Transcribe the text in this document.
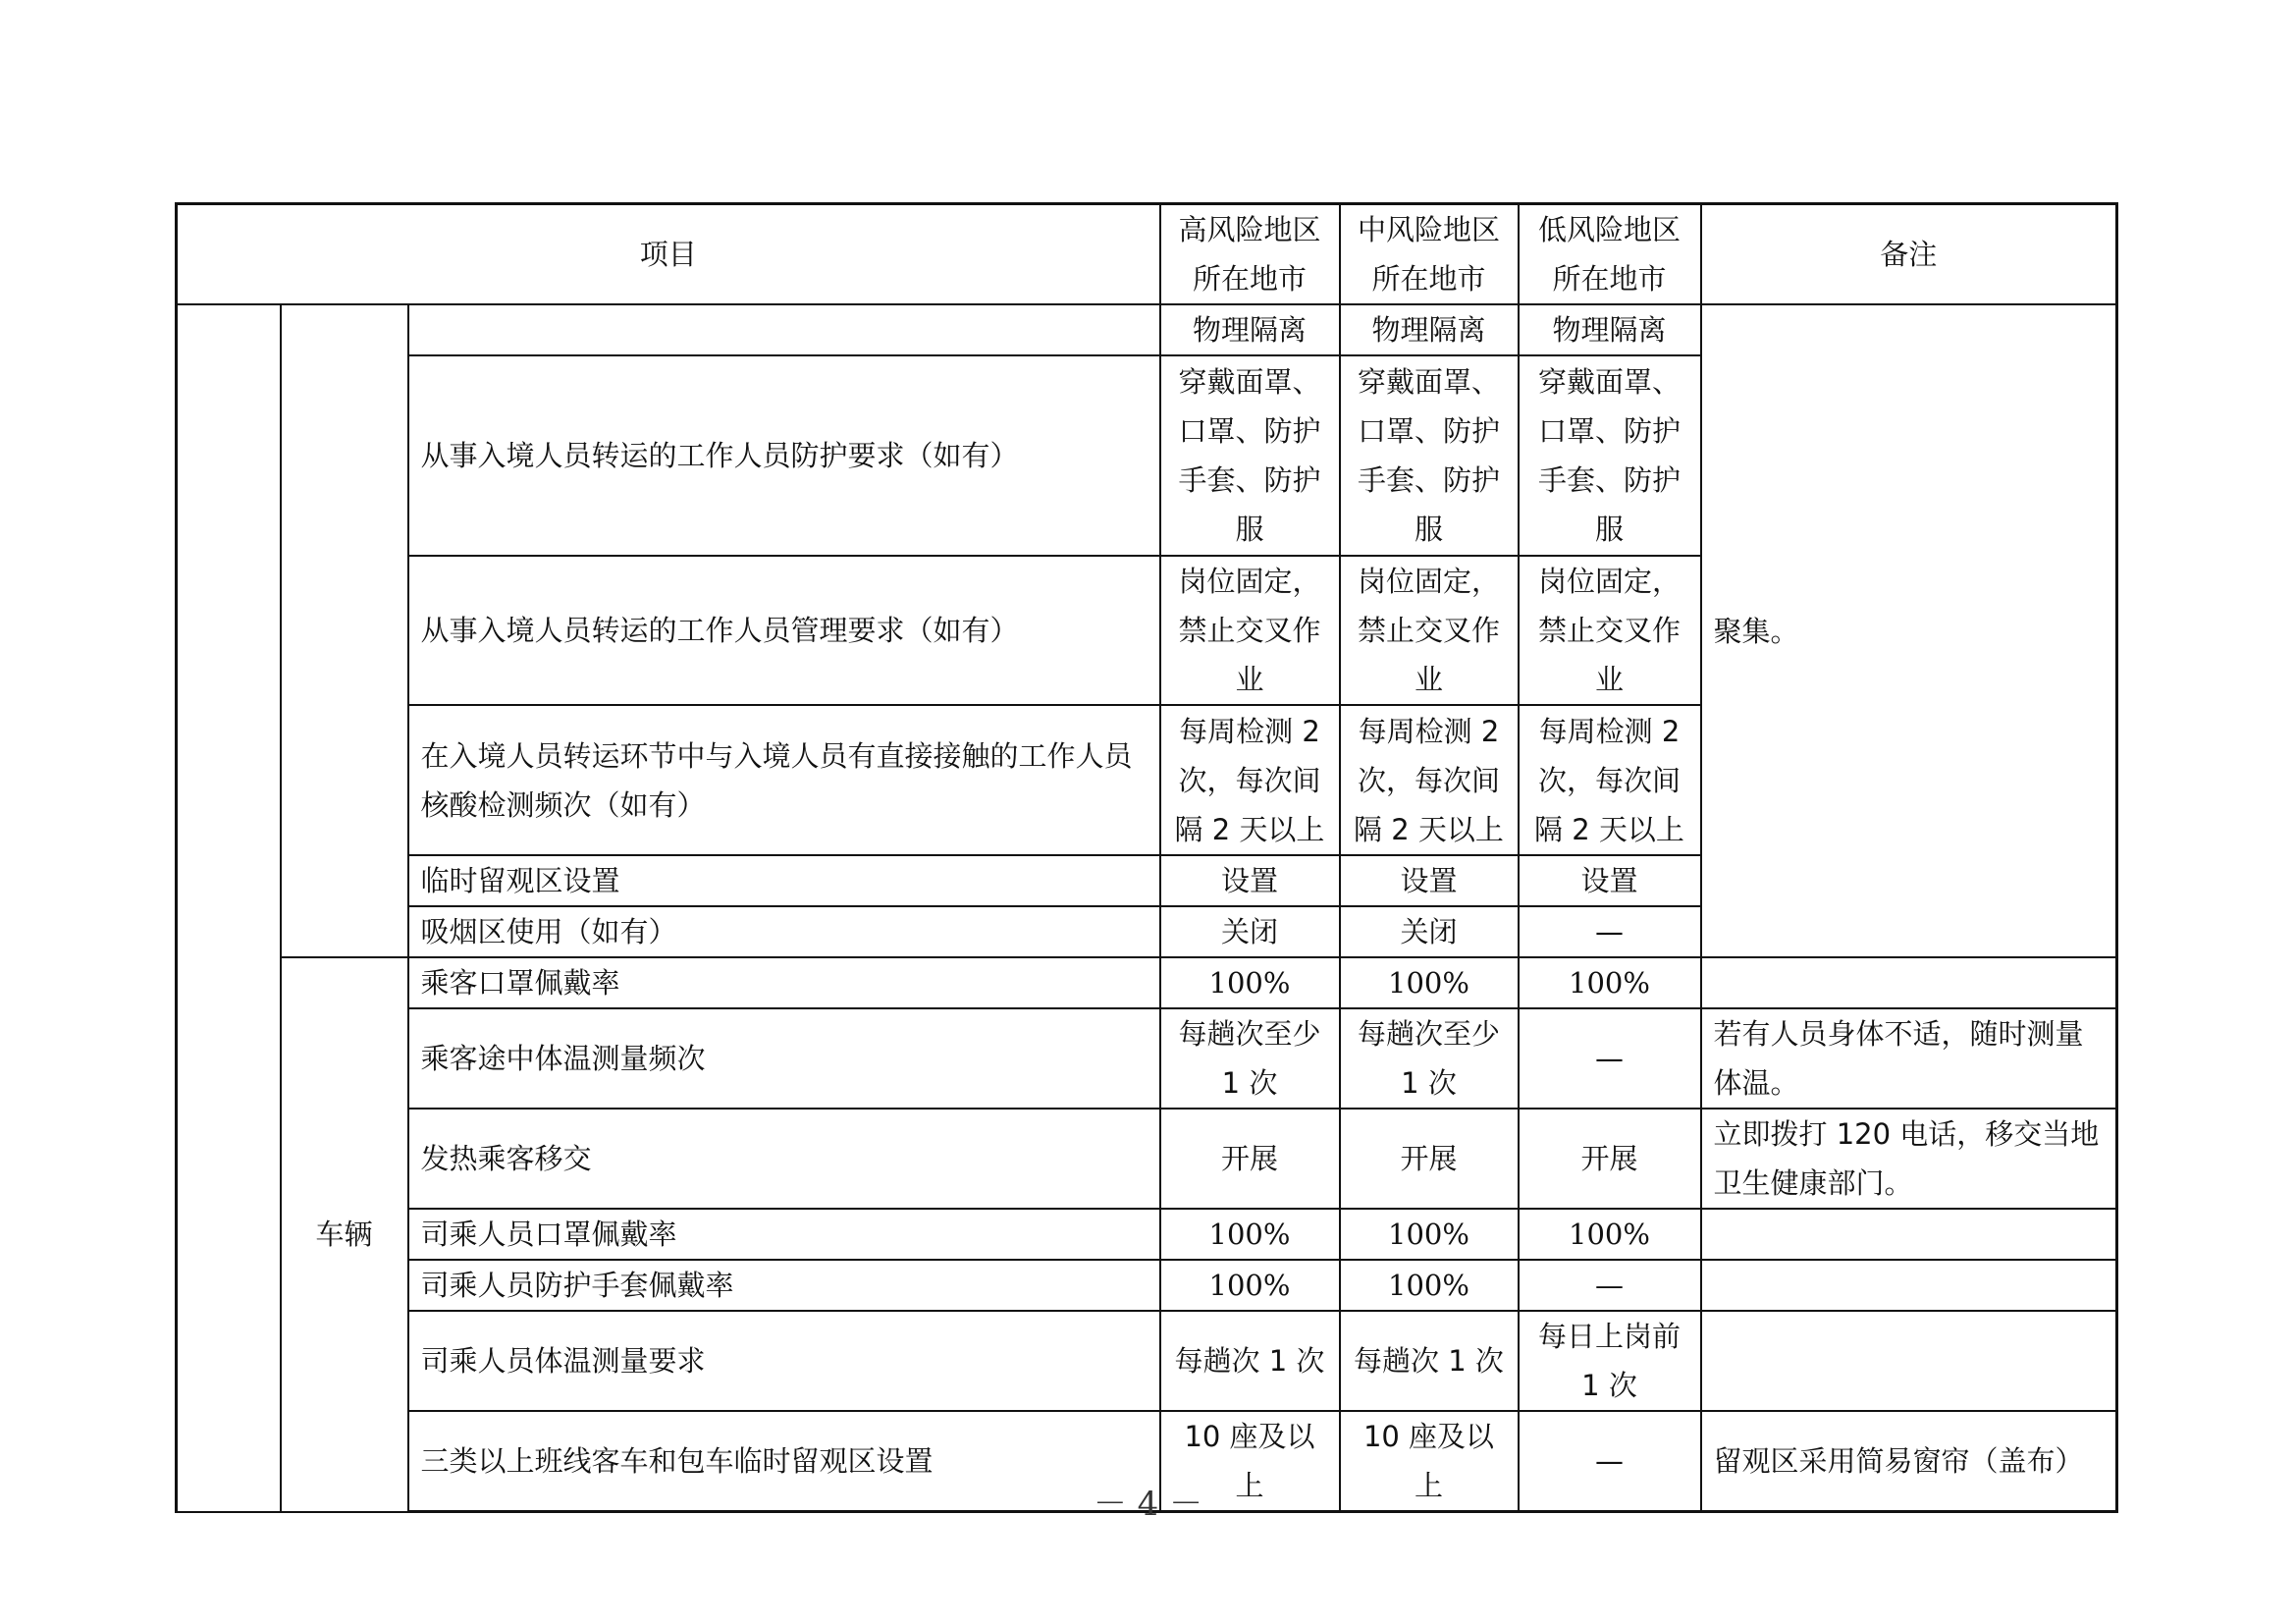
项目			高风险地区所在地市	中风险地区所在地市	低风险地区所在地市	备注
			物理隔离	物理隔离	物理隔离	聚集。
		从事入境人员转运的工作人员防护要求（如有）	穿戴面罩、口罩、防护手套、防护服	穿戴面罩、口罩、防护手套、防护服	穿戴面罩、口罩、防护手套、防护服	
		从事入境人员转运的工作人员管理要求（如有）	岗位固定，禁止交叉作业	岗位固定，禁止交叉作业	岗位固定，禁止交叉作业	
		在入境人员转运环节中与入境人员有直接接触的工作人员核酸检测频次（如有）	每周检测 2 次，每次间隔 2 天以上	每周检测 2 次，每次间隔 2 天以上	每周检测 2 次，每次间隔 2 天以上	
		临时留观区设置	设置	设置	设置	
		吸烟区使用（如有）	关闭	关闭	—	
	车辆	乘客口罩佩戴率	100%	100%	100%	
		乘客途中体温测量频次	每趟次至少 1 次	每趟次至少 1 次	—	若有人员身体不适，随时测量体温。
		发热乘客移交	开展	开展	开展	立即拨打 120 电话，移交当地卫生健康部门。
		司乘人员口罩佩戴率	100%	100%	100%	
		司乘人员防护手套佩戴率	100%	100%	—	
		司乘人员体温测量要求	每趟次 1 次	每趟次 1 次	每日上岗前 1 次	
		三类以上班线客车和包车临时留观区设置	10 座及以上	10 座及以上	—	留观区采用简易窗帘（盖布）
－ 4 －
